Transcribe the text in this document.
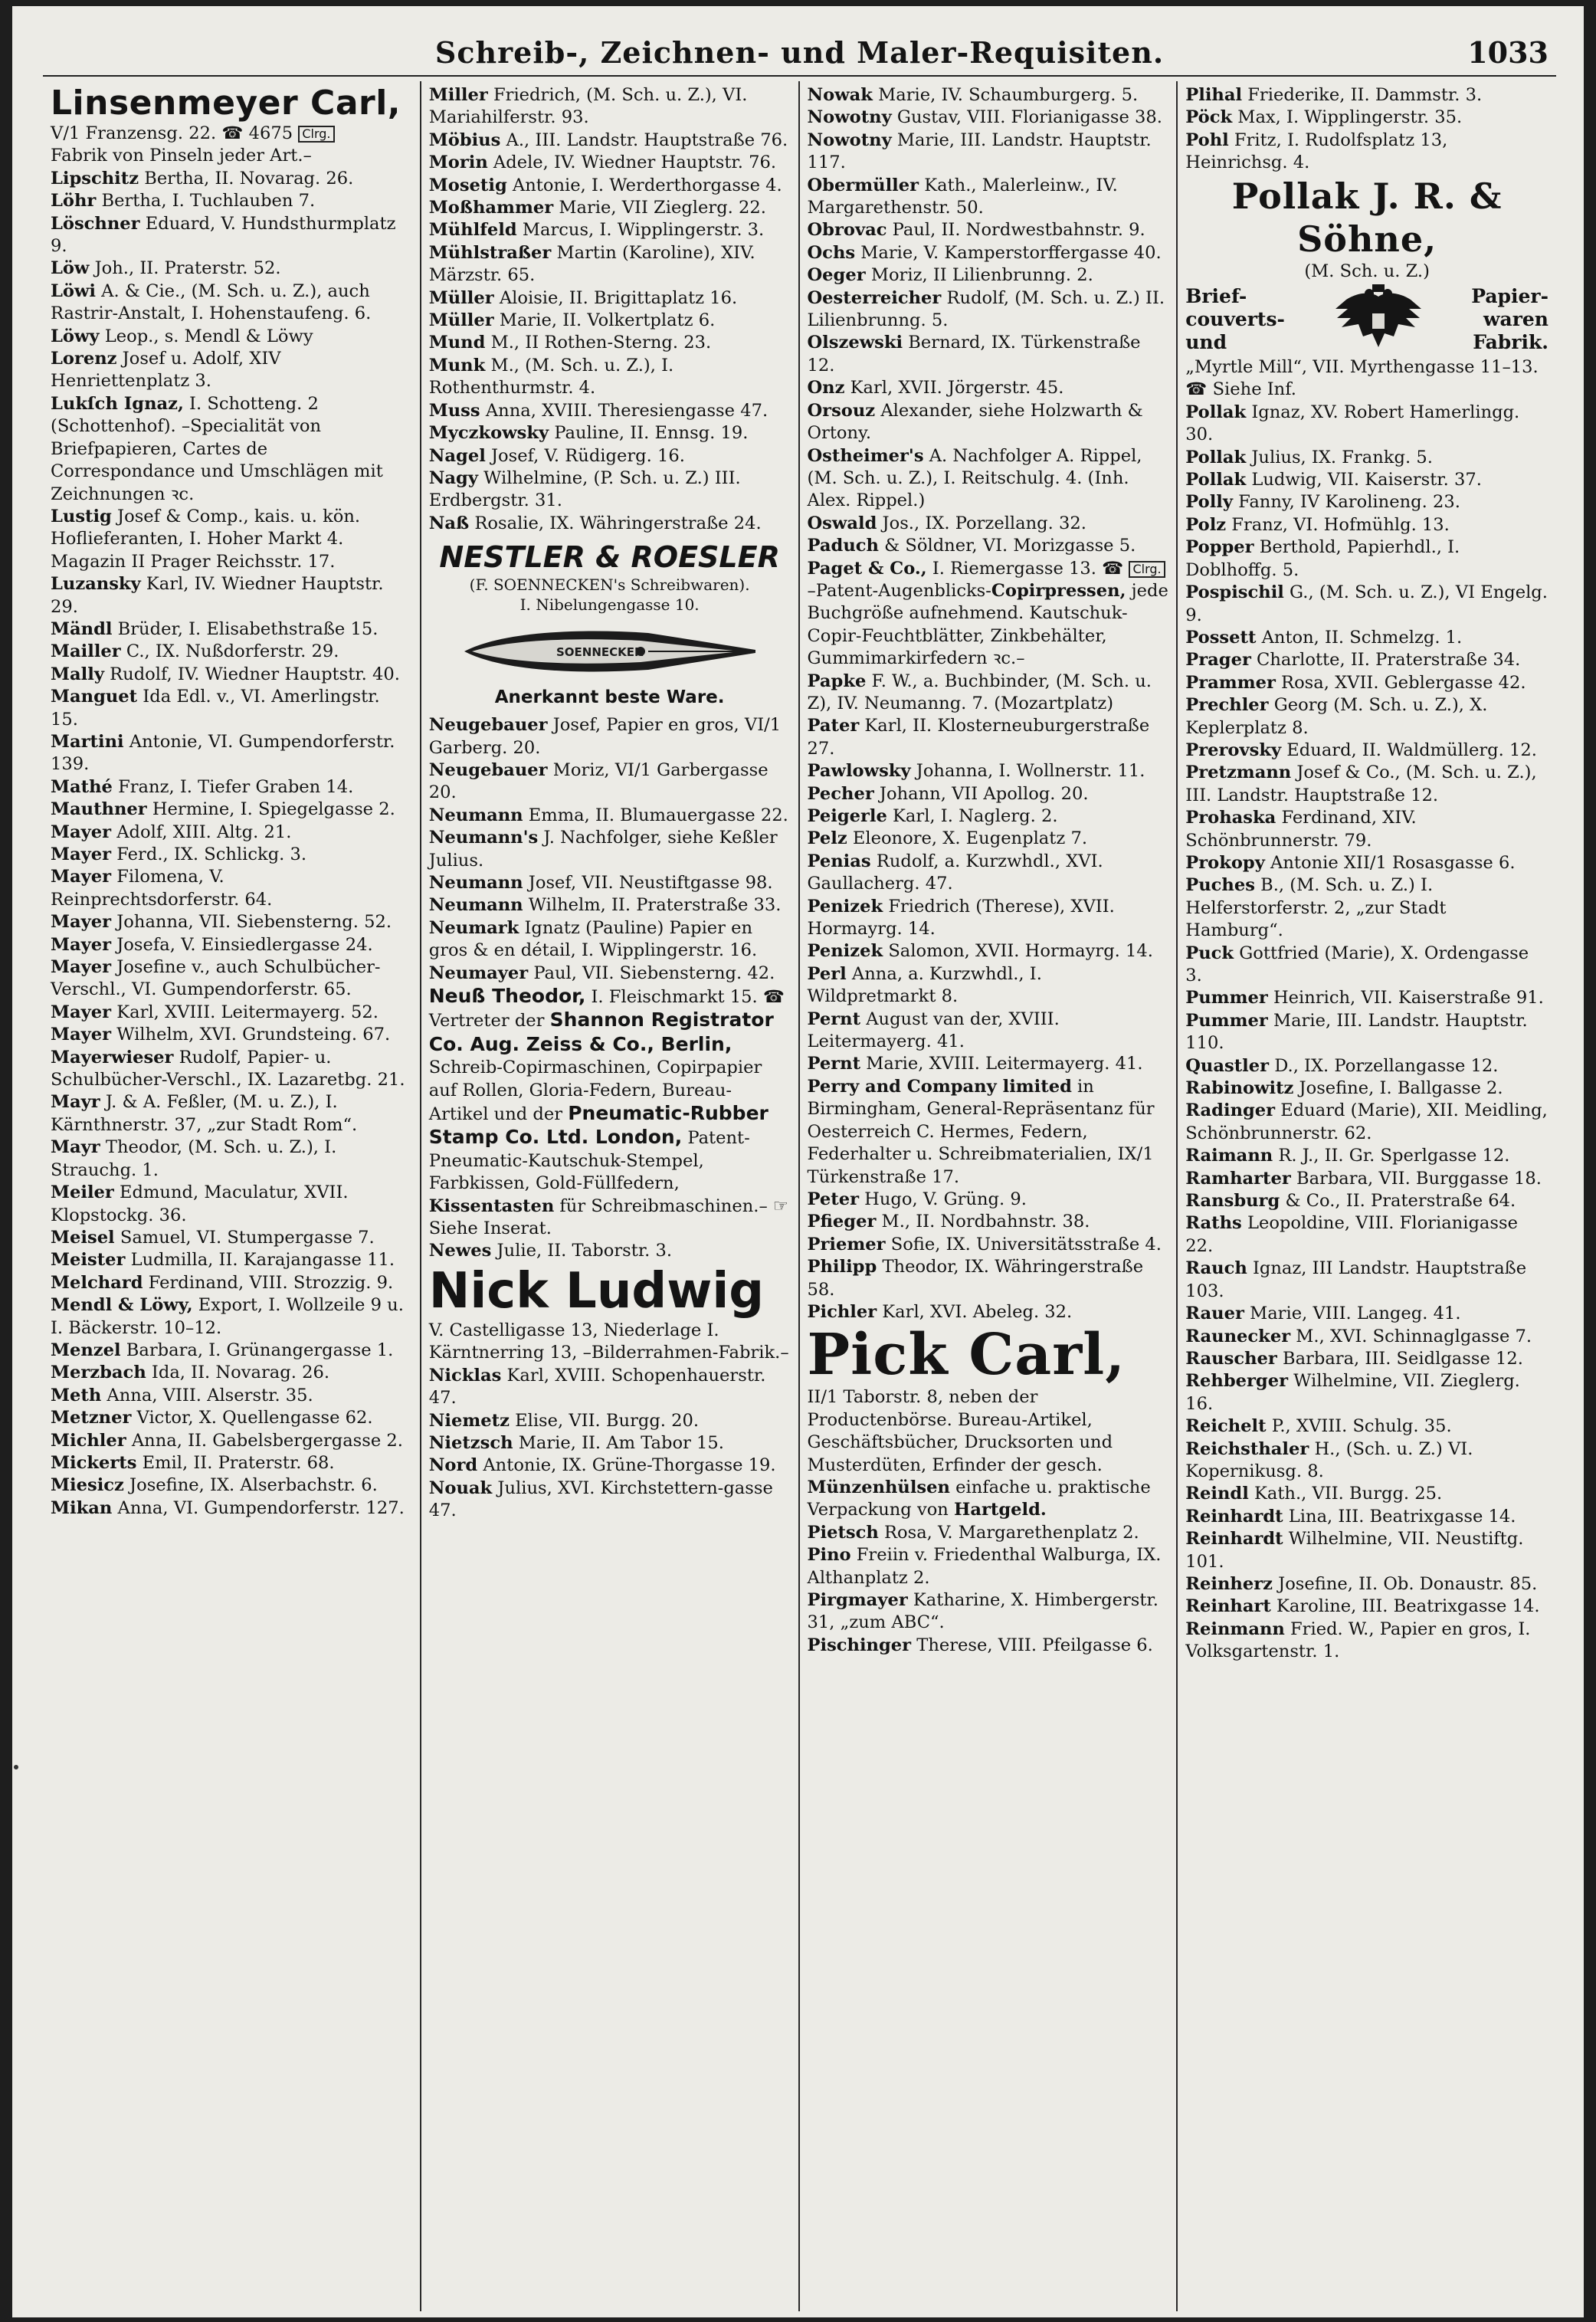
Schreib-, Zeichnen- und Maler-Requisiten.	1033
Linsenmeyer Carl,
V/1 Franzensg. 22. ☎ 4675 Clrg.
Fabrik von Pinseln jeder Art.–
Lipschitz Bertha, II. Novarag. 26.
Löhr Bertha, I. Tuchlauben 7.
Löschner Eduard, V. Hundsthurmplatz 9.
Löw Joh., II. Praterstr. 52.
Löwi A. & Cie., (M. Sch. u. Z.), auch Rastrir-Anstalt, I. Hohenstaufeng. 6.
Löwy Leop., s. Mendl & Löwy
Lorenz Josef u. Adolf, XIV Henriettenplatz 3.
Lukſch Ignaz, I. Schotteng. 2 (Schottenhof). –Specialität von Briefpapieren, Cartes de Correspondance und Umschlägen mit Zeichnungen ꝛc.
Lustig Josef & Comp., kais. u. kön. Hoflieferanten, I. Hoher Markt 4. Magazin II Prager Reichsstr. 17.
Luzansky Karl, IV. Wiedner Hauptstr. 29.
Mändl Brüder, I. Elisabethstraße 15.
Mailler C., IX. Nußdorferstr. 29.
Mally Rudolf, IV. Wiedner Hauptstr. 40.
Manguet Ida Edl. v., VI. Amerlingstr. 15.
Martini Antonie, VI. Gumpendorferstr. 139.
Mathé Franz, I. Tiefer Graben 14.
Mauthner Hermine, I. Spiegelgasse 2.
Mayer Adolf, XIII. Altg. 21.
Mayer Ferd., IX. Schlickg. 3.
Mayer Filomena, V. Reinprechtsdorferstr. 64.
Mayer Johanna, VII. Siebensterng. 52.
Mayer Josefa, V. Einsiedlergasse 24.
Mayer Josefine v., auch Schulbücher-Verschl., VI. Gumpendorferstr. 65.
Mayer Karl, XVIII. Leitermayerg. 52.
Mayer Wilhelm, XVI. Grundsteing. 67.
Mayerwieser Rudolf, Papier- u. Schulbücher-Verschl., IX. Lazaretbg. 21.
Mayr J. & A. Feßler, (M. u. Z.), I. Kärnthnerstr. 37, „zur Stadt Rom“.
Mayr Theodor, (M. Sch. u. Z.), I. Strauchg. 1.
Meiler Edmund, Maculatur, XVII. Klopstockg. 36.
Meisel Samuel, VI. Stumpergasse 7.
Meister Ludmilla, II. Karajangasse 11.
Melchard Ferdinand, VIII. Strozzig. 9.
Mendl & Löwy, Export, I. Wollzeile 9 u. I. Bäckerstr. 10–12.
Menzel Barbara, I. Grünangergasse 1.
Merzbach Ida, II. Novarag. 26.
Meth Anna, VIII. Alserstr. 35.
Metzner Victor, X. Quellengasse 62.
Michler Anna, II. Gabelsbergergasse 2.
Mickerts Emil, II. Praterstr. 68.
Miesicz Josefine, IX. Alserbachstr. 6.
Mikan Anna, VI. Gumpendorferstr. 127.
Miller Friedrich, (M. Sch. u. Z.), VI. Mariahilferstr. 93.
Möbius A., III. Landstr. Hauptstraße 76.
Morin Adele, IV. Wiedner Hauptstr. 76.
Mosetig Antonie, I. Werderthorgasse 4.
Moßhammer Marie, VII Zieglerg. 22.
Mühlfeld Marcus, I. Wipplingerstr. 3.
Mühlstraßer Martin (Karoline), XIV. Märzstr. 65.
Müller Aloisie, II. Brigittaplatz 16.
Müller Marie, II. Volkertplatz 6.
Mund M., II Rothen-Sterng. 23.
Munk M., (M. Sch. u. Z.), I. Rothenthurmstr. 4.
Muss Anna, XVIII. Theresiengasse 47.
Myczkowsky Pauline, II. Ennsg. 19.
Nagel Josef, V. Rüdigerg. 16.
Nagy Wilhelmine, (P. Sch. u. Z.) III. Erdbergstr. 31.
Naß Rosalie, IX. Währingerstraße 24.
NESTLER & ROESLER
(F. SOENNECKEN's Schreibwaren).
I. Nibelungengasse 10.
SOENNECKEN
Anerkannt beste Ware.
Neugebauer Josef, Papier en gros, VI/1 Garberg. 20.
Neugebauer Moriz, VI/1 Garbergasse 20.
Neumann Emma, II. Blumauergasse 22.
Neumann's J. Nachfolger, siehe Keßler Julius.
Neumann Josef, VII. Neustiftgasse 98.
Neumann Wilhelm, II. Praterstraße 33.
Neumark Ignatz (Pauline) Papier en gros & en détail, I. Wipplingerstr. 16.
Neumayer Paul, VII. Siebensterng. 42.
Neuß Theodor, I. Fleischmarkt 15. ☎ Vertreter der Shannon Registrator Co. Aug. Zeiss & Co., Berlin, Schreib-Copirmaschinen, Copirpapier auf Rollen, Gloria-Federn, Bureau-Artikel und der Pneumatic-Rubber Stamp Co. Ltd. London, Patent-Pneumatic-Kautschuk-Stempel, Farbkissen, Gold-Füllfedern, Kissentasten für Schreibmaschinen.– ☞ Siehe Inserat.
Newes Julie, II. Taborstr. 3.
Nick Ludwig
V. Castelligasse 13, Niederlage I. Kärntnerring 13, –Bilderrahmen-Fabrik.–
Nicklas Karl, XVIII. Schopenhauerstr. 47.
Niemetz Elise, VII. Burgg. 20.
Nietzsch Marie, II. Am Tabor 15.
Nord Antonie, IX. Grüne-Thorgasse 19.
Nouak Julius, XVI. Kirchstettern-gasse 47.
Nowak Marie, IV. Schaumburgerg. 5.
Nowotny Gustav, VIII. Florianigasse 38.
Nowotny Marie, III. Landstr. Hauptstr. 117.
Obermüller Kath., Malerleinw., IV. Margarethenstr. 50.
Obrovac Paul, II. Nordwestbahnstr. 9.
Ochs Marie, V. Kamperstorffergasse 40.
Oeger Moriz, II Lilienbrunng. 2.
Oesterreicher Rudolf, (M. Sch. u. Z.) II. Lilienbrunng. 5.
Olszewski Bernard, IX. Türkenstraße 12.
Onz Karl, XVII. Jörgerstr. 45.
Orsouz Alexander, siehe Holzwarth & Ortony.
Ostheimer's A. Nachfolger A. Rippel, (M. Sch. u. Z.), I. Reitschulg. 4. (Inh. Alex. Rippel.)
Oswald Jos., IX. Porzellang. 32.
Paduch & Söldner, VI. Morizgasse 5.
Paget & Co., I. Riemergasse 13. ☎ Clrg. –Patent-Augenblicks-Copirpressen, jede Buchgröße aufnehmend. Kautschuk-Copir-Feuchtblätter, Zinkbehälter, Gummimarkirfedern ꝛc.–
Papke F. W., a. Buchbinder, (M. Sch. u. Z), IV. Neumanng. 7. (Mozartplatz)
Pater Karl, II. Klosterneuburgerstraße 27.
Pawlowsky Johanna, I. Wollnerstr. 11.
Pecher Johann, VII Apollog. 20.
Peigerle Karl, I. Naglerg. 2.
Pelz Eleonore, X. Eugenplatz 7.
Penias Rudolf, a. Kurzwhdl., XVI. Gaullacherg. 47.
Penizek Friedrich (Therese), XVII. Hormayrg. 14.
Penizek Salomon, XVII. Hormayrg. 14.
Perl Anna, a. Kurzwhdl., I. Wildpretmarkt 8.
Pernt August van der, XVIII. Leitermayerg. 41.
Pernt Marie, XVIII. Leitermayerg. 41.
Perry and Company limited in Birmingham, General-Repräsentanz für Oesterreich C. Hermes, Federn, Federhalter u. Schreibmaterialien, IX/1 Türkenstraße 17.
Peter Hugo, V. Grüng. 9.
Pfieger M., II. Nordbahnstr. 38.
Priemer Sofie, IX. Universitätsstraße 4.
Philipp Theodor, IX. Währingerstraße 58.
Pichler Karl, XVI. Abeleg. 32.
Pick Carl,
II/1 Taborstr. 8, neben der Productenbörse. Bureau-Artikel, Geschäftsbücher, Drucksorten und Musterdüten, Erfinder der gesch. Münzenhülsen einfache u. praktische Verpackung von Hartgeld.
Pietsch Rosa, V. Margarethenplatz 2.
Pino Freiin v. Friedenthal Walburga, IX. Althanplatz 2.
Pirgmayer Katharine, X. Himbergerstr. 31, „zum ABC“.
Pischinger Therese, VIII. Pfeilgasse 6.
Plihal Friederike, II. Dammstr. 3.
Pöck Max, I. Wipplingerstr. 35.
Pohl Fritz, I. Rudolfsplatz 13, Heinrichsg. 4.
Pollak J. R. & Söhne,
(M. Sch. u. Z.)
Brief-
couverts-
und
Papier-
waren
Fabrik.
„Myrtle Mill“, VII. Myrthengasse 11–13. ☎ Siehe Inf.
Pollak Ignaz, XV. Robert Hamerlingg. 30.
Pollak Julius, IX. Frankg. 5.
Pollak Ludwig, VII. Kaiserstr. 37.
Polly Fanny, IV Karolineng. 23.
Polz Franz, VI. Hofmühlg. 13.
Popper Berthold, Papierhdl., I. Doblhoffg. 5.
Pospischil G., (M. Sch. u. Z.), VI Engelg. 9.
Possett Anton, II. Schmelzg. 1.
Prager Charlotte, II. Praterstraße 34.
Prammer Rosa, XVII. Geblergasse 42.
Prechler Georg (M. Sch. u. Z.), X. Keplerplatz 8.
Prerovsky Eduard, II. Waldmüllerg. 12.
Pretzmann Josef & Co., (M. Sch. u. Z.), III. Landstr. Hauptstraße 12.
Prohaska Ferdinand, XIV. Schönbrunnerstr. 79.
Prokopy Antonie XII/1 Rosasgasse 6.
Puches B., (M. Sch. u. Z.) I. Helferstorferstr. 2, „zur Stadt Hamburg“.
Puck Gottfried (Marie), X. Ordengasse 3.
Pummer Heinrich, VII. Kaiserstraße 91.
Pummer Marie, III. Landstr. Hauptstr. 110.
Quastler D., IX. Porzellangasse 12.
Rabinowitz Josefine, I. Ballgasse 2.
Radinger Eduard (Marie), XII. Meidling, Schönbrunnerstr. 62.
Raimann R. J., II. Gr. Sperlgasse 12.
Ramharter Barbara, VII. Burggasse 18.
Ransburg & Co., II. Praterstraße 64.
Raths Leopoldine, VIII. Florianigasse 22.
Rauch Ignaz, III Landstr. Hauptstraße 103.
Rauer Marie, VIII. Langeg. 41.
Raunecker M., XVI. Schinnaglgasse 7.
Rauscher Barbara, III. Seidlgasse 12.
Rehberger Wilhelmine, VII. Zieglerg. 16.
Reichelt P., XVIII. Schulg. 35.
Reichsthaler H., (Sch. u. Z.) VI. Kopernikusg. 8.
Reindl Kath., VII. Burgg. 25.
Reinhardt Lina, III. Beatrixgasse 14.
Reinhardt Wilhelmine, VII. Neustiftg. 101.
Reinherz Josefine, II. Ob. Donaustr. 85.
Reinhart Karoline, III. Beatrixgasse 14.
Reinmann Fried. W., Papier en gros, I. Volksgartenstr. 1.
